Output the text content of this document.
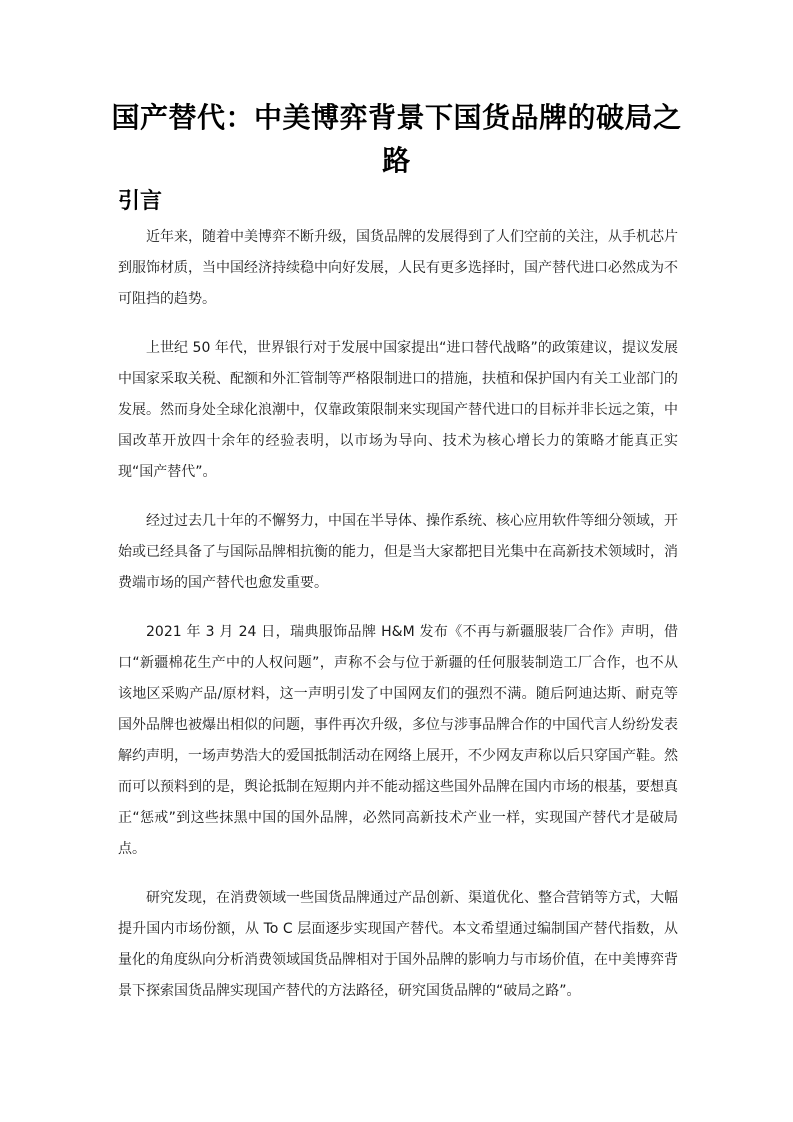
国产替代：中美博弈背景下国货品牌的破局之路
引言

近年来，随着中美博弈不断升级，国货品牌的发展得到了人们空前的关注，从手机芯片到服饰材质，当中国经济持续稳中向好发展，人民有更多选择时，国产替代进口必然成为不可阻挡的趋势。

上世纪 50 年代，世界银行对于发展中国家提出“进口替代战略”的政策建议，提议发展中国家采取关税、配额和外汇管制等严格限制进口的措施，扶植和保护国内有关工业部门的发展。然而身处全球化浪潮中，仅靠政策限制来实现国产替代进口的目标并非长远之策，中国改革开放四十余年的经验表明，以市场为导向、技术为核心增长力的策略才能真正实现“国产替代”。

经过过去几十年的不懈努力，中国在半导体、操作系统、核心应用软件等细分领域，开始或已经具备了与国际品牌相抗衡的能力，但是当大家都把目光集中在高新技术领域时，消费端市场的国产替代也愈发重要。

2021 年 3 月 24 日，瑞典服饰品牌 H&M 发布《不再与新疆服装厂合作》声明，借口“新疆棉花生产中的人权问题”，声称不会与位于新疆的任何服装制造工厂合作，也不从该地区采购产品/原材料，这一声明引发了中国网友们的强烈不满。随后阿迪达斯、耐克等国外品牌也被爆出相似的问题，事件再次升级，多位与涉事品牌合作的中国代言人纷纷发表解约声明，一场声势浩大的爱国抵制活动在网络上展开，不少网友声称以后只穿国产鞋。然而可以预料到的是，舆论抵制在短期内并不能动摇这些国外品牌在国内市场的根基，要想真正“惩戒”到这些抹黑中国的国外品牌，必然同高新技术产业一样，实现国产替代才是破局点。

研究发现，在消费领域一些国货品牌通过产品创新、渠道优化、整合营销等方式，大幅提升国内市场份额，从 To C 层面逐步实现国产替代。本文希望通过编制国产替代指数，从量化的角度纵向分析消费领域国货品牌相对于国外品牌的影响力与市场价值，在中美博弈背景下探索国货品牌实现国产替代的方法路径，研究国货品牌的“破局之路”。
